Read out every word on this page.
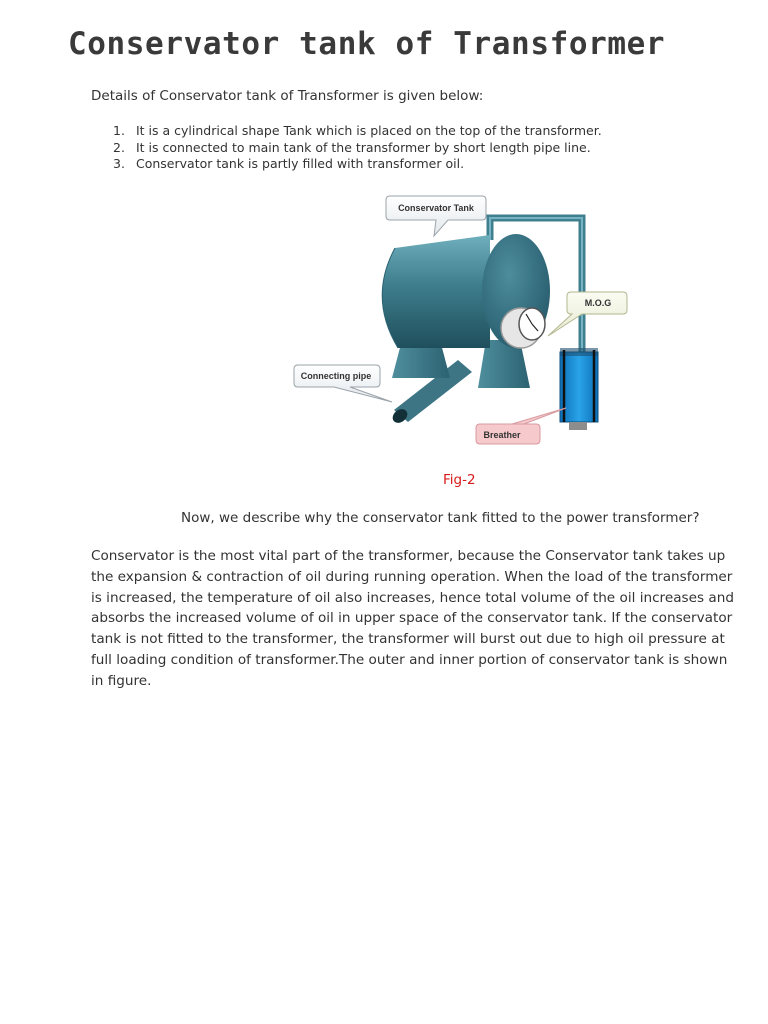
Conservator tank of Transformer

Details of Conservator tank of Transformer is given below:

1. It is a cylindrical shape Tank which is placed on the top of the transformer.
2. It is connected to main tank of the transformer by short length pipe line.
3. Conservator tank is partly filled with transformer oil.
Conservator Tank
M.O.G
Connecting pipe
Breather

Fig-2

Now, we describe why the conservator tank fitted to the power transformer?

Conservator is the most vital part of the transformer, because the Conservator tank takes up the expansion & contraction of oil during running operation. When the load of the transformer is increased, the temperature of oil also increases, hence total volume of the oil increases and absorbs the increased volume of oil in upper space of the conservator tank. If the conservator tank is not fitted to the transformer, the transformer will burst out due to high oil pressure at full loading condition of transformer.The outer and inner portion of conservator tank is shown in figure.
